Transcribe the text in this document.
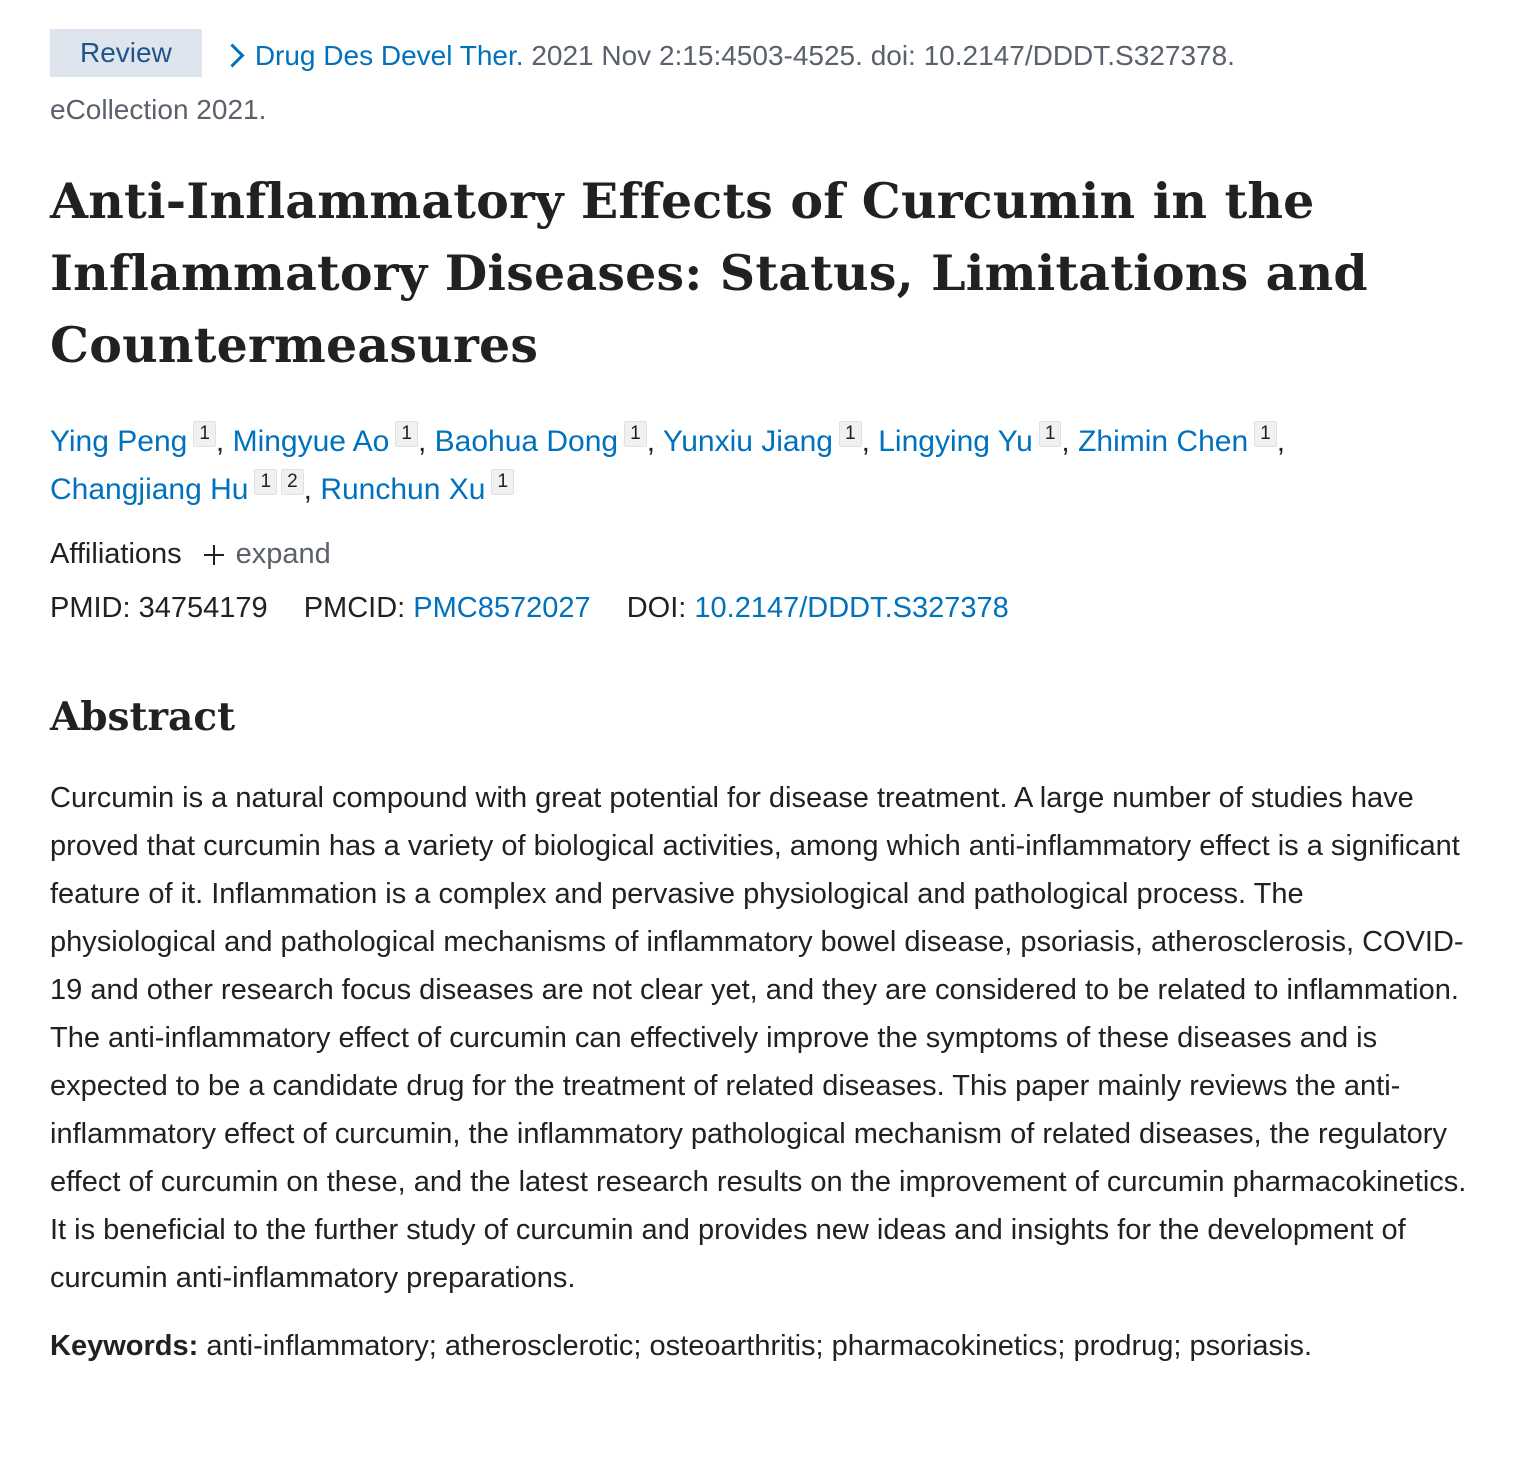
Review	Drug Des Devel Ther. 2021 Nov 2:15:4503-4525. doi: 10.2147/DDDT.S327378.
eCollection 2021.
Anti-Inflammatory Effects of Curcumin in the Inflammatory Diseases: Status, Limitations and Countermeasures
Ying Peng 1 , Mingyue Ao 1 , Baohua Dong 1 , Yunxiu Jiang 1 , Lingying Yu 1 , Zhimin Chen 1 ,
Changjiang Hu 1 2 , Runchun Xu 1
Affiliations expand
PMID: 34754179 PMCID: PMC8572027 DOI: 10.2147/DDDT.S327378
Abstract
Curcumin is a natural compound with great potential for disease treatment. A large number of studies have proved that curcumin has a variety of biological activities, among which anti-inflammatory effect is a significant feature of it. Inflammation is a complex and pervasive physiological and pathological process. The physiological and pathological mechanisms of inflammatory bowel disease, psoriasis, atherosclerosis, COVID-19 and other research focus diseases are not clear yet, and they are considered to be related to inflammation. The anti-inflammatory effect of curcumin can effectively improve the symptoms of these diseases and is expected to be a candidate drug for the treatment of related diseases. This paper mainly reviews the anti-inflammatory effect of curcumin, the inflammatory pathological mechanism of related diseases, the regulatory effect of curcumin on these, and the latest research results on the improvement of curcumin pharmacokinetics. It is beneficial to the further study of curcumin and provides new ideas and insights for the development of curcumin anti-inflammatory preparations.
Keywords: anti-inflammatory; atherosclerotic; osteoarthritis; pharmacokinetics; prodrug; psoriasis.
